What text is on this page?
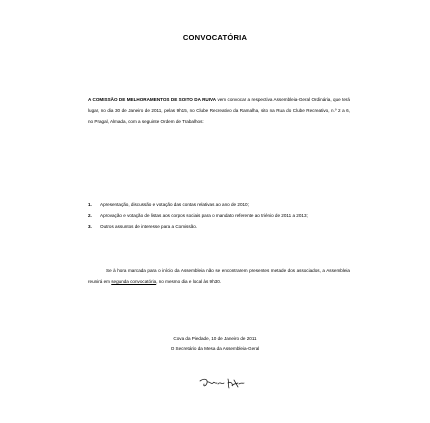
CONVOCATÓRIA

A COMISSÃO DE MELHORAMENTOS DE SOITO DA RUIVA vem convocar a respectiva Assembleia-Geral Ordinária, que terá lugar, no dia 30 de Janeiro de 2011, pelas 9h15, no Clube Recreativo da Ramalha, sito na Rua do Clube Recreativo, n.º 2 a 6, no Pragal, Almada, com a seguinte Ordem de Trabalhos:

1. Apresentação, discussão e votação das contas relativas ao ano de 2010;
2. Aprovação e votação de listas aos corpos sociais para o mandato referente ao triénio de 2011 a 2013;
3. Outros assuntos de interesse para a Comissão.

Se à hora marcada para o início da Assembleia não se encontrarem presentes metade dos associados, a Assembleia reunirá em segunda convocatória, no mesmo dia e local às 9h30.

Cova da Piedade, 10 de Janeiro de 2011
O Secretário da Mesa da Assembleia-Geral
